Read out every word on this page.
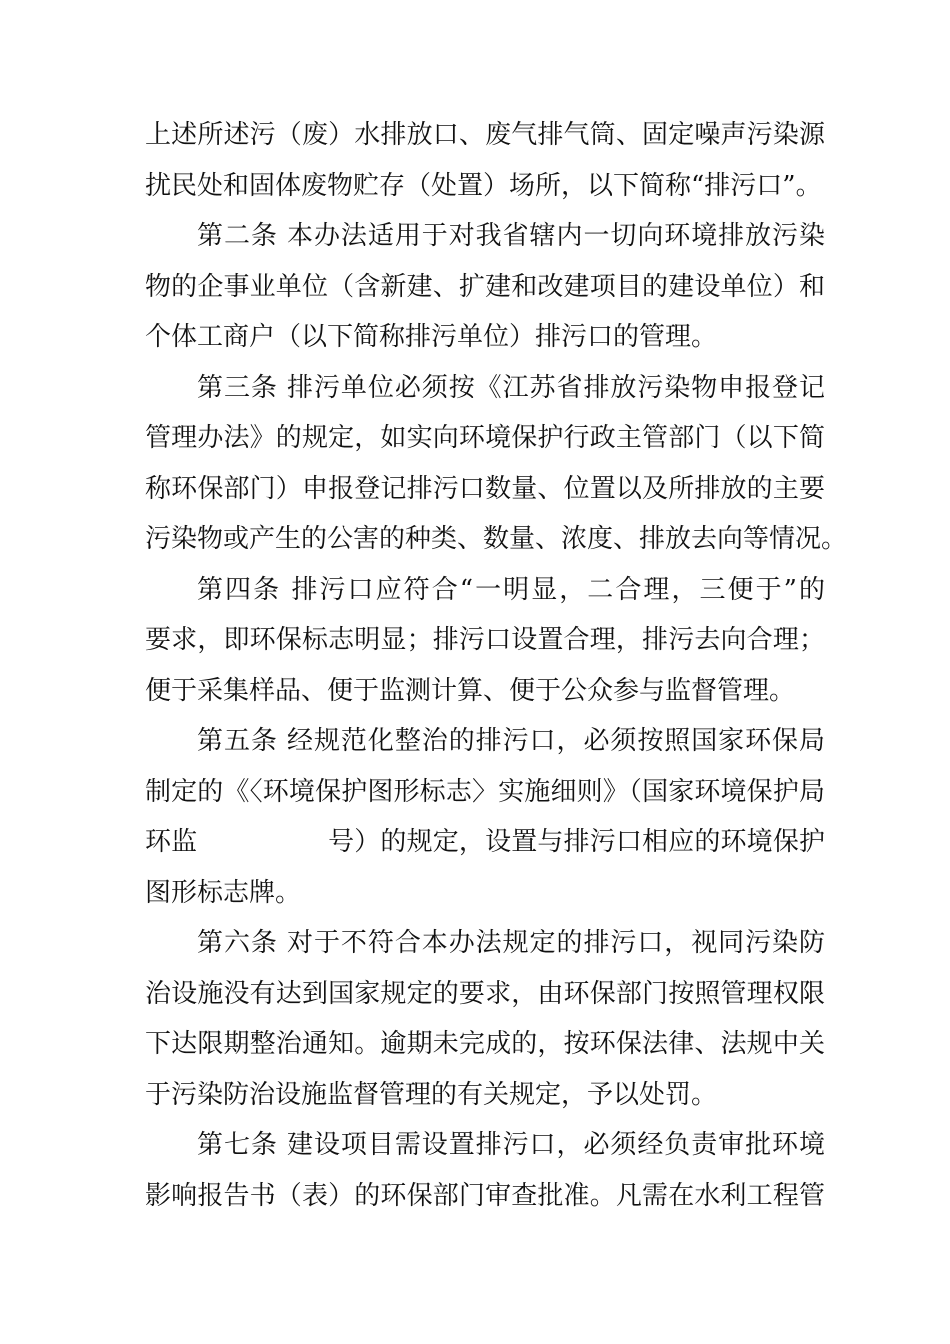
上述所述污（废）水排放口、废气排气筒、固定噪声污染源
扰民处和固体废物贮存（处置）场所，以下简称“排污口”。
第二条 本办法适用于对我省辖内一切向环境排放污染
物的企事业单位（含新建、扩建和改建项目的建设单位）和
个体工商户（以下简称排污单位）排污口的管理。
第三条 排污单位必须按《江苏省排放污染物申报登记
管理办法》的规定，如实向环境保护行政主管部门（以下简
称环保部门）申报登记排污口数量、位置以及所排放的主要
污染物或产生的公害的种类、数量、浓度、排放去向等情况。
第四条 排污口应符合“一明显，二合理，三便于”的
要求，即环保标志明显；排污口设置合理，排污去向合理；
便于采集样品、便于监测计算、便于公众参与监督管理。
第五条 经规范化整治的排污口，必须按照国家环保局
制定的《〈环境保护图形标志〉实施细则》（国家环境保护局
环监　　　　　号）的规定，设置与排污口相应的环境保护
图形标志牌。
第六条 对于不符合本办法规定的排污口，视同污染防
治设施没有达到国家规定的要求，由环保部门按照管理权限
下达限期整治通知。逾期未完成的，按环保法律、法规中关
于污染防治设施监督管理的有关规定，予以处罚。
第七条 建设项目需设置排污口，必须经负责审批环境
影响报告书（表）的环保部门审查批准。凡需在水利工程管
